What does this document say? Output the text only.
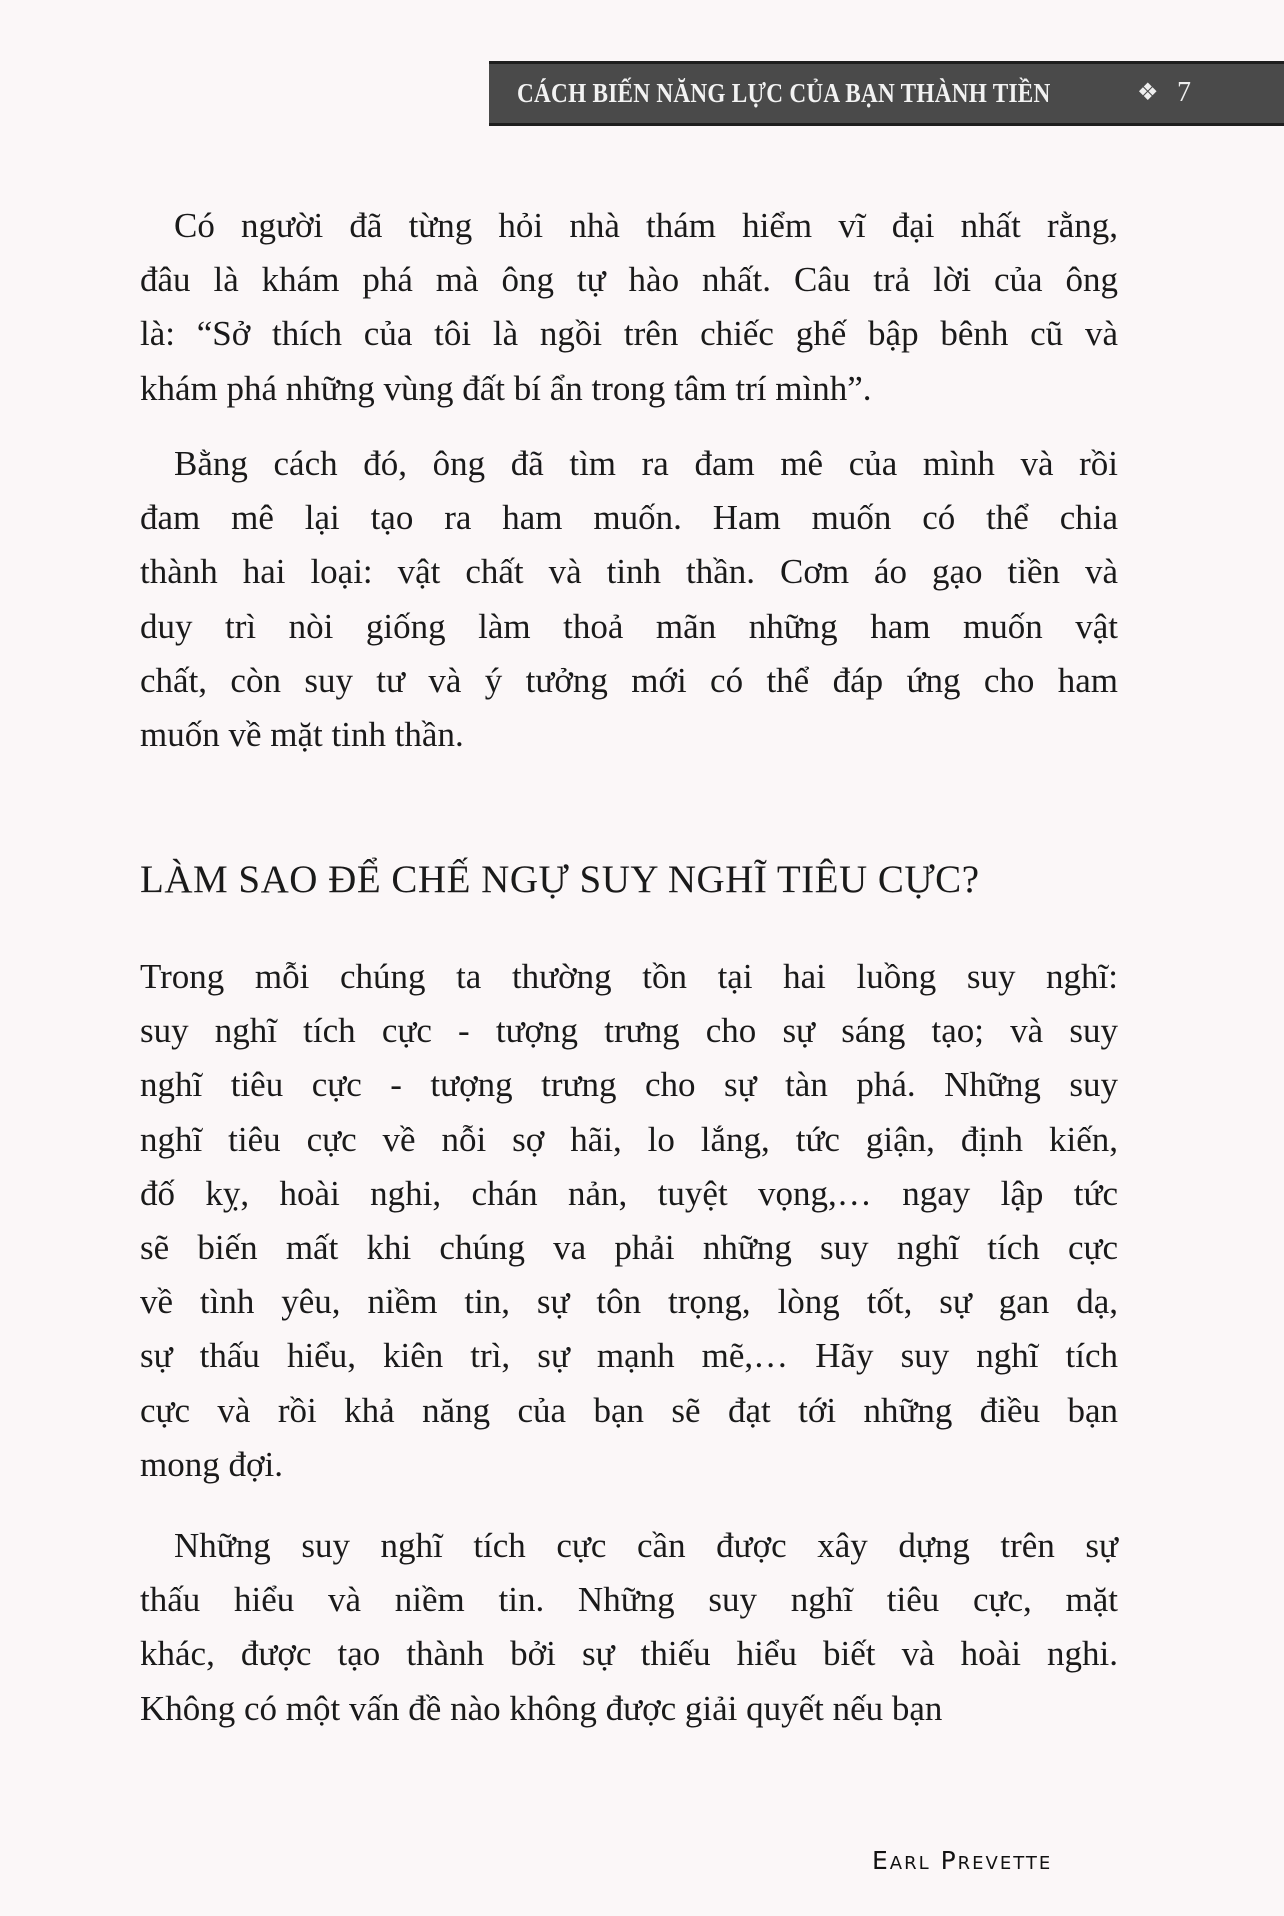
CÁCH BIẾN NĂNG LỰC CỦA BẠN THÀNH TIỀN	❖ 7
Có người đã từng hỏi nhà thám hiểm vĩ đại nhất rằng,
đâu là khám phá mà ông tự hào nhất. Câu trả lời của ông
là: “Sở thích của tôi là ngồi trên chiếc ghế bập bênh cũ và
khám phá những vùng đất bí ẩn trong tâm trí mình”.
Bằng cách đó, ông đã tìm ra đam mê của mình và rồi
đam mê lại tạo ra ham muốn. Ham muốn có thể chia
thành hai loại: vật chất và tinh thần. Cơm áo gạo tiền và
duy trì nòi giống làm thoả mãn những ham muốn vật
chất, còn suy tư và ý tưởng mới có thể đáp ứng cho ham
muốn về mặt tinh thần.
LÀM SAO ĐỂ CHẾ NGỰ SUY NGHĨ TIÊU CỰC?
Trong mỗi chúng ta thường tồn tại hai luồng suy nghĩ:
suy nghĩ tích cực - tượng trưng cho sự sáng tạo; và suy
nghĩ tiêu cực - tượng trưng cho sự tàn phá. Những suy
nghĩ tiêu cực về nỗi sợ hãi, lo lắng, tức giận, định kiến,
đố kỵ, hoài nghi, chán nản, tuyệt vọng,… ngay lập tức
sẽ biến mất khi chúng va phải những suy nghĩ tích cực
về tình yêu, niềm tin, sự tôn trọng, lòng tốt, sự gan dạ,
sự thấu hiểu, kiên trì, sự mạnh mẽ,… Hãy suy nghĩ tích
cực và rồi khả năng của bạn sẽ đạt tới những điều bạn
mong đợi.
Những suy nghĩ tích cực cần được xây dựng trên sự
thấu hiểu và niềm tin. Những suy nghĩ tiêu cực, mặt
khác, được tạo thành bởi sự thiếu hiểu biết và hoài nghi.
Không có một vấn đề nào không được giải quyết nếu bạn
Earl Prevette
